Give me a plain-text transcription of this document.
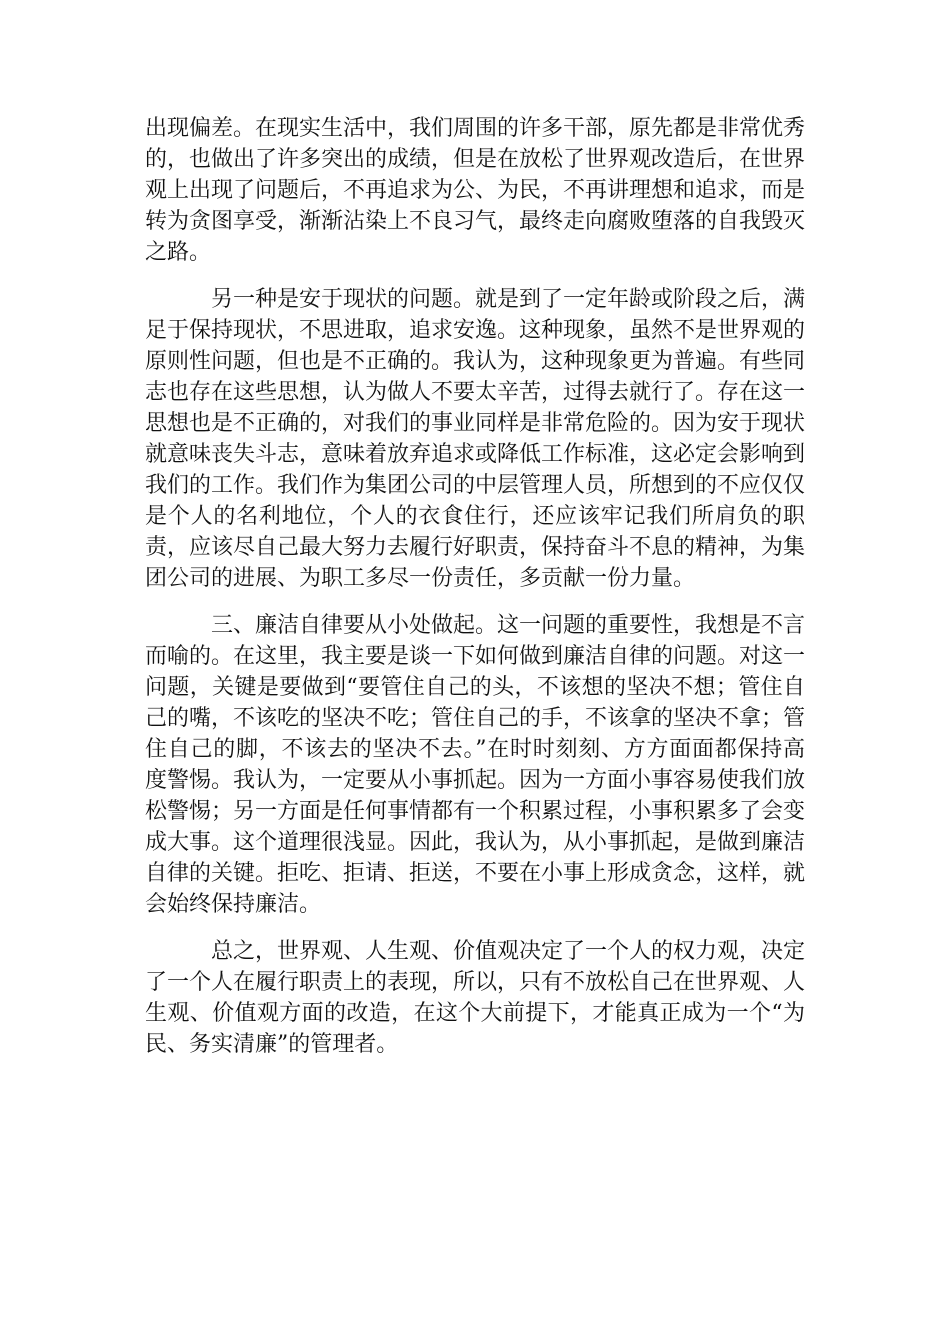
出现偏差。在现实生活中，我们周围的许多干部，原先都是非常优秀的，也做出了许多突出的成绩，但是在放松了世界观改造后，在世界观上出现了问题后，不再追求为公、为民，不再讲理想和追求，而是转为贪图享受，渐渐沾染上不良习气，最终走向腐败堕落的自我毁灭之路。

另一种是安于现状的问题。就是到了一定年龄或阶段之后，满足于保持现状，不思进取，追求安逸。这种现象，虽然不是世界观的原则性问题，但也是不正确的。我认为，这种现象更为普遍。有些同志也存在这些思想，认为做人不要太辛苦，过得去就行了。存在这一思想也是不正确的，对我们的事业同样是非常危险的。因为安于现状就意味丧失斗志，意味着放弃追求或降低工作标准，这必定会影响到我们的工作。我们作为集团公司的中层管理人员，所想到的不应仅仅是个人的名利地位，个人的衣食住行，还应该牢记我们所肩负的职责，应该尽自己最大努力去履行好职责，保持奋斗不息的精神，为集团公司的进展、为职工多尽一份责任，多贡献一份力量。

三、廉洁自律要从小处做起。这一问题的重要性，我想是不言而喻的。在这里，我主要是谈一下如何做到廉洁自律的问题。对这一问题，关键是要做到“要管住自己的头，不该想的坚决不想；管住自己的嘴，不该吃的坚决不吃；管住自己的手，不该拿的坚决不拿；管住自己的脚，不该去的坚决不去。”在时时刻刻、方方面面都保持高度警惕。我认为，一定要从小事抓起。因为一方面小事容易使我们放松警惕；另一方面是任何事情都有一个积累过程，小事积累多了会变成大事。这个道理很浅显。因此，我认为，从小事抓起，是做到廉洁自律的关键。拒吃、拒请、拒送，不要在小事上形成贪念，这样，就会始终保持廉洁。

总之，世界观、人生观、价值观决定了一个人的权力观，决定了一个人在履行职责上的表现，所以，只有不放松自己在世界观、人生观、价值观方面的改造，在这个大前提下，才能真正成为一个“为民、务实清廉”的管理者。
